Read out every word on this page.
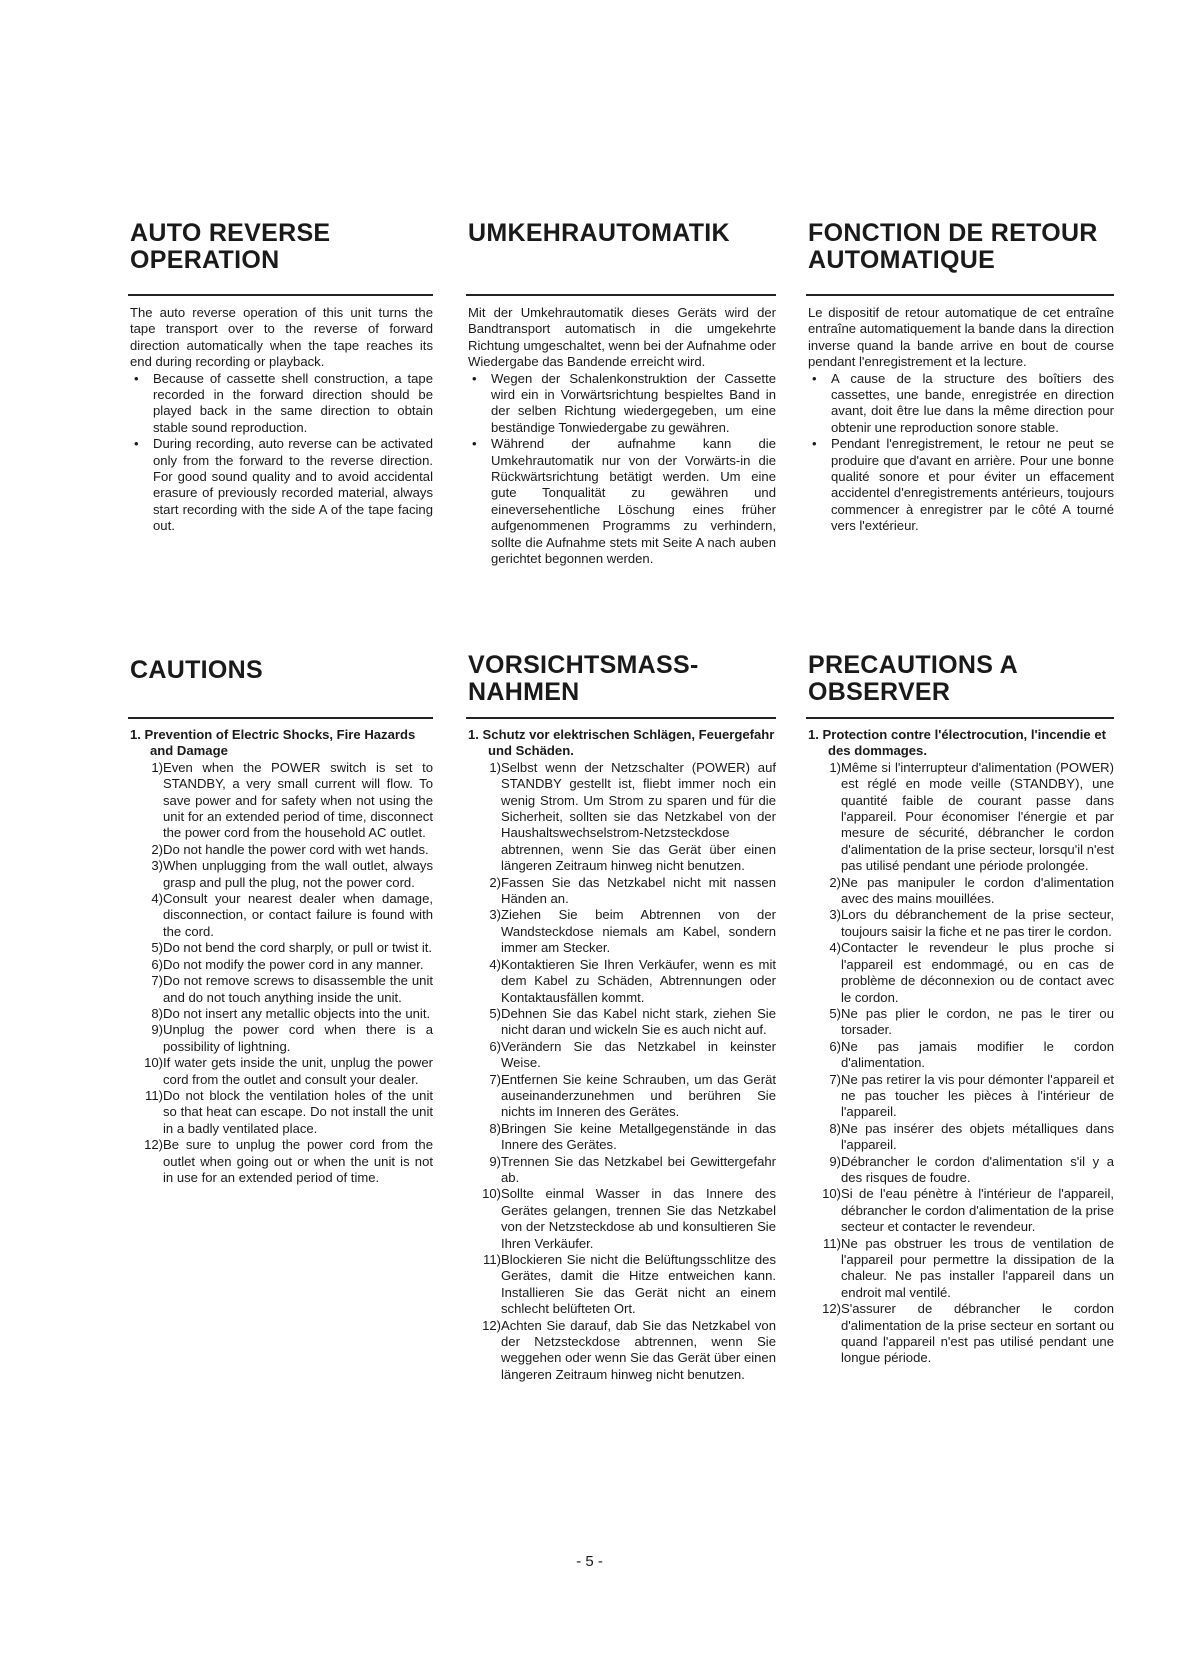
AUTO REVERSE
OPERATION
UMKEHRAUTOMATIK	FONCTION DE RETOUR
AUTOMATIQUE

The auto reverse operation of this unit turns the tape transport over to the reverse of forward direction automatically when the tape reaches its end during recording or playback.

• Because of cassette shell construction, a tape recorded in the forward direction should be played back in the same direction to obtain stable sound reproduction.
• During recording, auto reverse can be activated only from the forward to the reverse direction. For good sound quality and to avoid accidental erasure of previously recorded material, always start recording with the side A of the tape facing out.

Mit der Umkehrautomatik dieses Geräts wird der Bandtransport automatisch in die umgekehrte Richtung umgeschaltet, wenn bei der Aufnahme oder Wiedergabe das Bandende erreicht wird.

• Wegen der Schalenkonstruktion der Cassette wird ein in Vorwärtsrichtung bespieltes Band in der selben Richtung wiedergegeben, um eine beständige Tonwiedergabe zu gewähren.
• Während der aufnahme kann die Umkehrautomatik nur von der Vorwärts-in die Rückwärtsrichtung betätigt werden. Um eine gute Tonqualität zu gewähren und eineversehentliche Löschung eines früher aufgenommenen Programms zu verhindern, sollte die Aufnahme stets mit Seite A nach auben gerichtet begonnen werden.

Le dispositif de retour automatique de cet entraîne entraîne automatiquement la bande dans la direction inverse quand la bande arrive en bout de course pendant l'enregistrement et la lecture.

• A cause de la structure des boîtiers des cassettes, une bande, enregistrée en direction avant, doit être lue dans la même direction pour obtenir une reproduction sonore stable.
• Pendant l'enregistrement, le retour ne peut se produire que d'avant en arrière. Pour une bonne qualité sonore et pour éviter un effacement accidentel d'enregistrements antérieurs, toujours commencer à enregistrer par le côté A tourné vers l'extérieur.
CAUTIONS	VORSICHTSMASS-
NAHMEN
PRECAUTIONS A
OBSERVER

1. Prevention of Electric Shocks, Fire Hazards and Damage

1) Even when the POWER switch is set to STANDBY, a very small current will flow. To save power and for safety when not using the unit for an extended period of time, disconnect the power cord from the household AC outlet.
2) Do not handle the power cord with wet hands.
3) When unplugging from the wall outlet, always grasp and pull the plug, not the power cord.
4) Consult your nearest dealer when damage, disconnection, or contact failure is found with the cord.
5) Do not bend the cord sharply, or pull or twist it.
6) Do not modify the power cord in any manner.
7) Do not remove screws to disassemble the unit and do not touch anything inside the unit.
8) Do not insert any metallic objects into the unit.
9) Unplug the power cord when there is a possibility of lightning.
10) If water gets inside the unit, unplug the power cord from the outlet and consult your dealer.
11) Do not block the ventilation holes of the unit so that heat can escape. Do not install the unit in a badly ventilated place.
12) Be sure to unplug the power cord from the outlet when going out or when the unit is not in use for an extended period of time.

1. Schutz vor elektrischen Schlägen, Feuergefahr und Schäden.

1) Selbst wenn der Netzschalter (POWER) auf STANDBY gestellt ist, fliebt immer noch ein wenig Strom. Um Strom zu sparen und für die Sicherheit, sollten sie das Netzkabel von der Haushaltswechselstrom-Netzsteckdose abtrennen, wenn Sie das Gerät über einen längeren Zeitraum hinweg nicht benutzen.
2) Fassen Sie das Netzkabel nicht mit nassen Händen an.
3) Ziehen Sie beim Abtrennen von der Wandsteckdose niemals am Kabel, sondern immer am Stecker.
4) Kontaktieren Sie Ihren Verkäufer, wenn es mit dem Kabel zu Schäden, Abtrennungen oder Kontaktausfällen kommt.
5) Dehnen Sie das Kabel nicht stark, ziehen Sie nicht daran und wickeln Sie es auch nicht auf.
6) Verändern Sie das Netzkabel in keinster Weise.
7) Entfernen Sie keine Schrauben, um das Gerät auseinanderzunehmen und berühren Sie nichts im Inneren des Gerätes.
8) Bringen Sie keine Metallgegenstände in das Innere des Gerätes.
9) Trennen Sie das Netzkabel bei Gewittergefahr ab.
10) Sollte einmal Wasser in das Innere des Gerätes gelangen, trennen Sie das Netzkabel von der Netzsteckdose ab und konsultieren Sie Ihren Verkäufer.
11) Blockieren Sie nicht die Belüftungsschlitze des Gerätes, damit die Hitze entweichen kann. Installieren Sie das Gerät nicht an einem schlecht belüfteten Ort.
12) Achten Sie darauf, dab Sie das Netzkabel von der Netzsteckdose abtrennen, wenn Sie weggehen oder wenn Sie das Gerät über einen längeren Zeitraum hinweg nicht benutzen.

1. Protection contre l'électrocution, l'incendie et des dommages.

1) Même si l'interrupteur d'alimentation (POWER) est réglé en mode veille (STANDBY), une quantité faible de courant passe dans l'appareil. Pour économiser l'énergie et par mesure de sécurité, débrancher le cordon d'alimentation de la prise secteur, lorsqu'il n'est pas utilisé pendant une période prolongée.
2) Ne pas manipuler le cordon d'alimentation avec des mains mouillées.
3) Lors du débranchement de la prise secteur, toujours saisir la fiche et ne pas tirer le cordon.
4) Contacter le revendeur le plus proche si l'appareil est endommagé, ou en cas de problème de déconnexion ou de contact avec le cordon.
5) Ne pas plier le cordon, ne pas le tirer ou torsader.
6) Ne pas jamais modifier le cordon d'alimentation.
7) Ne pas retirer la vis pour démonter l'appareil et ne pas toucher les pièces à l'intérieur de l'appareil.
8) Ne pas insérer des objets métalliques dans l'appareil.
9) Débrancher le cordon d'alimentation s'il y a des risques de foudre.
10) Si de l'eau pénètre à l'intérieur de l'appareil, débrancher le cordon d'alimentation de la prise secteur et contacter le revendeur.
11) Ne pas obstruer les trous de ventilation de l'appareil pour permettre la dissipation de la chaleur. Ne pas installer l'appareil dans un endroit mal ventilé.
12) S'assurer de débrancher le cordon d'alimentation de la prise secteur en sortant ou quand l'appareil n'est pas utilisé pendant une longue période.
- 5 -
